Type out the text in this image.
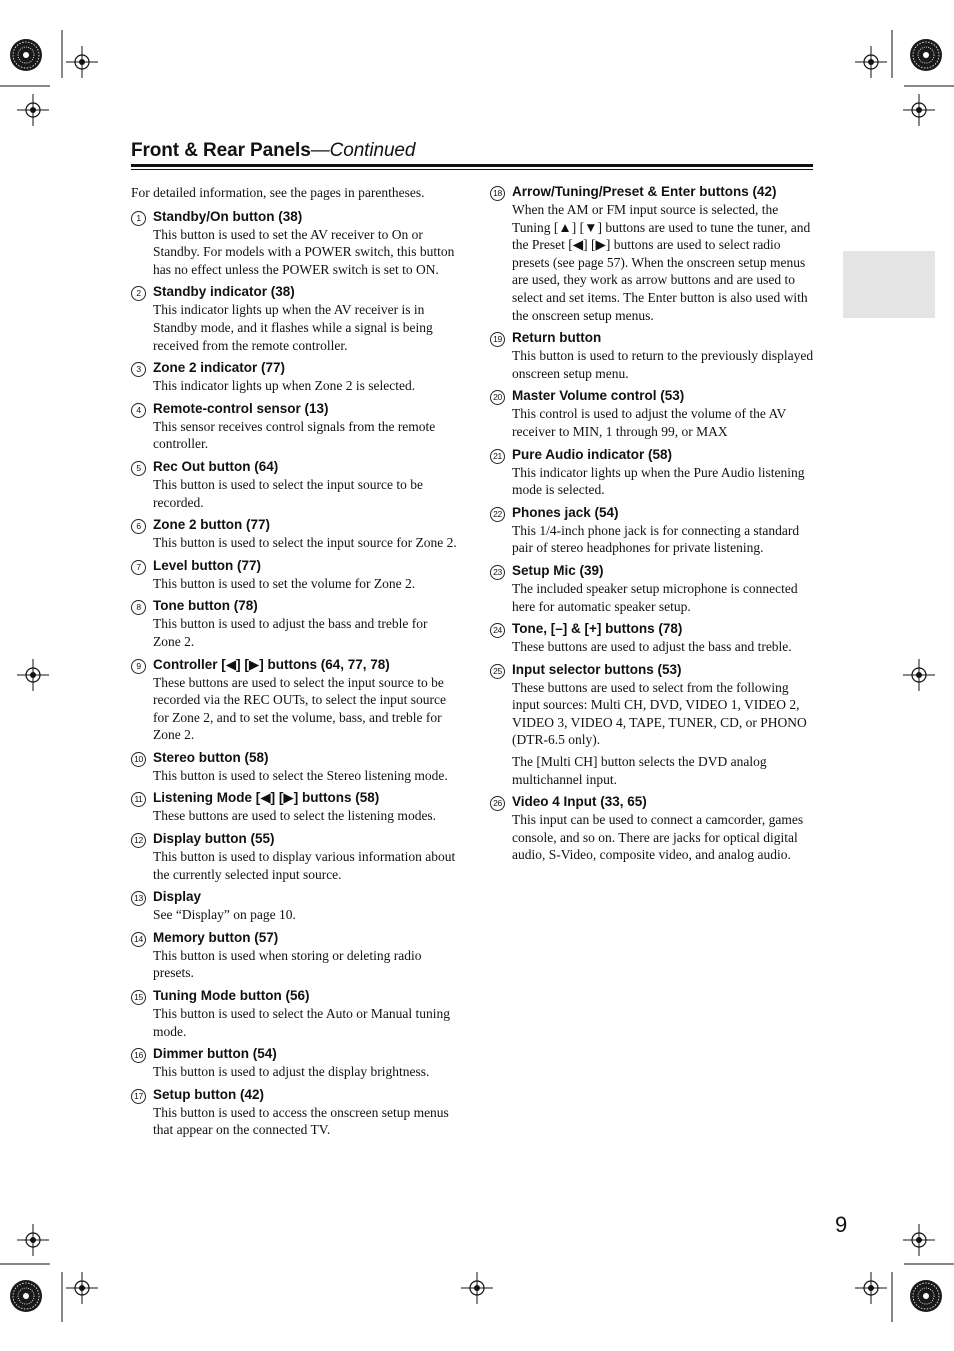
Front & Rear Panels—Continued
For detailed information, see the pages in parentheses.
1 Standby/On button (38)
This button is used to set the AV receiver to On or Standby. For models with a POWER switch, this button has no effect unless the POWER switch is set to ON.
2 Standby indicator (38)
This indicator lights up when the AV receiver is in Standby mode, and it flashes while a signal is being received from the remote controller.
3 Zone 2 indicator (77)
This indicator lights up when Zone 2 is selected.
4 Remote-control sensor (13)
This sensor receives control signals from the remote controller.
5 Rec Out button (64)
This button is used to select the input source to be recorded.
6 Zone 2 button (77)
This button is used to select the input source for Zone 2.
7 Level button (77)
This button is used to set the volume for Zone 2.
8 Tone button (78)
This button is used to adjust the bass and treble for Zone 2.
9 Controller [◀] [▶] buttons (64, 77, 78)
These buttons are used to select the input source to be recorded via the REC OUTs, to select the input source for Zone 2, and to set the volume, bass, and treble for Zone 2.
10 Stereo button (58)
This button is used to select the Stereo listening mode.
11 Listening Mode [◀] [▶] buttons (58)
These buttons are used to select the listening modes.
12 Display button (55)
This button is used to display various information about the currently selected input source.
13 Display
See “Display” on page 10.
14 Memory button (57)
This button is used when storing or deleting radio presets.
15 Tuning Mode button (56)
This button is used to select the Auto or Manual tuning mode.
16 Dimmer button (54)
This button is used to adjust the display brightness.
17 Setup button (42)
This button is used to access the onscreen setup menus that appear on the connected TV.
18 Arrow/Tuning/Preset & Enter buttons (42)
When the AM or FM input source is selected, the Tuning [▲] [▼] buttons are used to tune the tuner, and the Preset [◀] [▶] buttons are used to select radio presets (see page 57). When the onscreen setup menus are used, they work as arrow buttons and are used to select and set items. The Enter button is also used with the onscreen setup menus.
19 Return button
This button is used to return to the previously displayed onscreen setup menu.
20 Master Volume control (53)
This control is used to adjust the volume of the AV receiver to MIN, 1 through 99, or MAX
21 Pure Audio indicator (58)
This indicator lights up when the Pure Audio listening mode is selected.
22 Phones jack (54)
This 1/4-inch phone jack is for connecting a standard pair of stereo headphones for private listening.
23 Setup Mic (39)
The included speaker setup microphone is connected here for automatic speaker setup.
24 Tone, [–] & [+] buttons (78)
These buttons are used to adjust the bass and treble.
25 Input selector buttons (53)
These buttons are used to select from the following input sources: Multi CH, DVD, VIDEO 1, VIDEO 2, VIDEO 3, VIDEO 4, TAPE, TUNER, CD, or PHONO (DTR-6.5 only).
The [Multi CH] button selects the DVD analog multichannel input.
26 Video 4 Input (33, 65)
This input can be used to connect a camcorder, games console, and so on. There are jacks for optical digital audio, S-Video, composite video, and analog audio.
9
